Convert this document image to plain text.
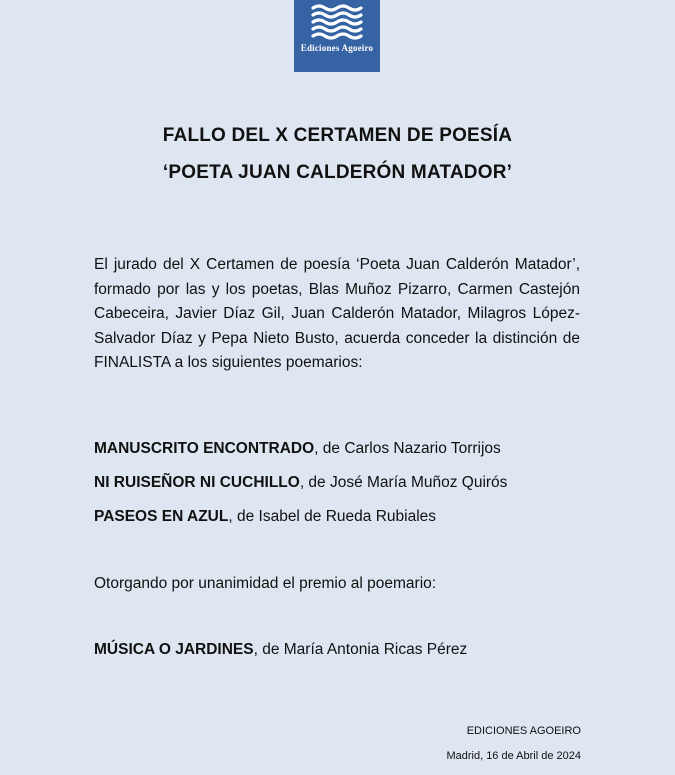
Ediciones Agoeiro
FALLO DEL X CERTAMEN DE POESÍA
‘POETA JUAN CALDERÓN MATADOR’
El jurado del X Certamen de poesía ‘Poeta Juan Calderón Matador’, formado por las y los poetas, Blas Muñoz Pizarro, Carmen Castejón Cabeceira, Javier Díaz Gil, Juan Calderón Matador, Milagros López-Salvador Díaz y Pepa Nieto Busto, acuerda conceder la distinción de FINALISTA a los siguientes poemarios:
MANUSCRITO ENCONTRADO, de Carlos Nazario Torrijos
NI RUISEÑOR NI CUCHILLO, de José María Muñoz Quirós
PASEOS EN AZUL, de Isabel de Rueda Rubiales
Otorgando por unanimidad el premio al poemario:
MÚSICA O JARDINES, de María Antonia Ricas Pérez
EDICIONES AGOEIRO
Madrid, 16 de Abril de 2024
